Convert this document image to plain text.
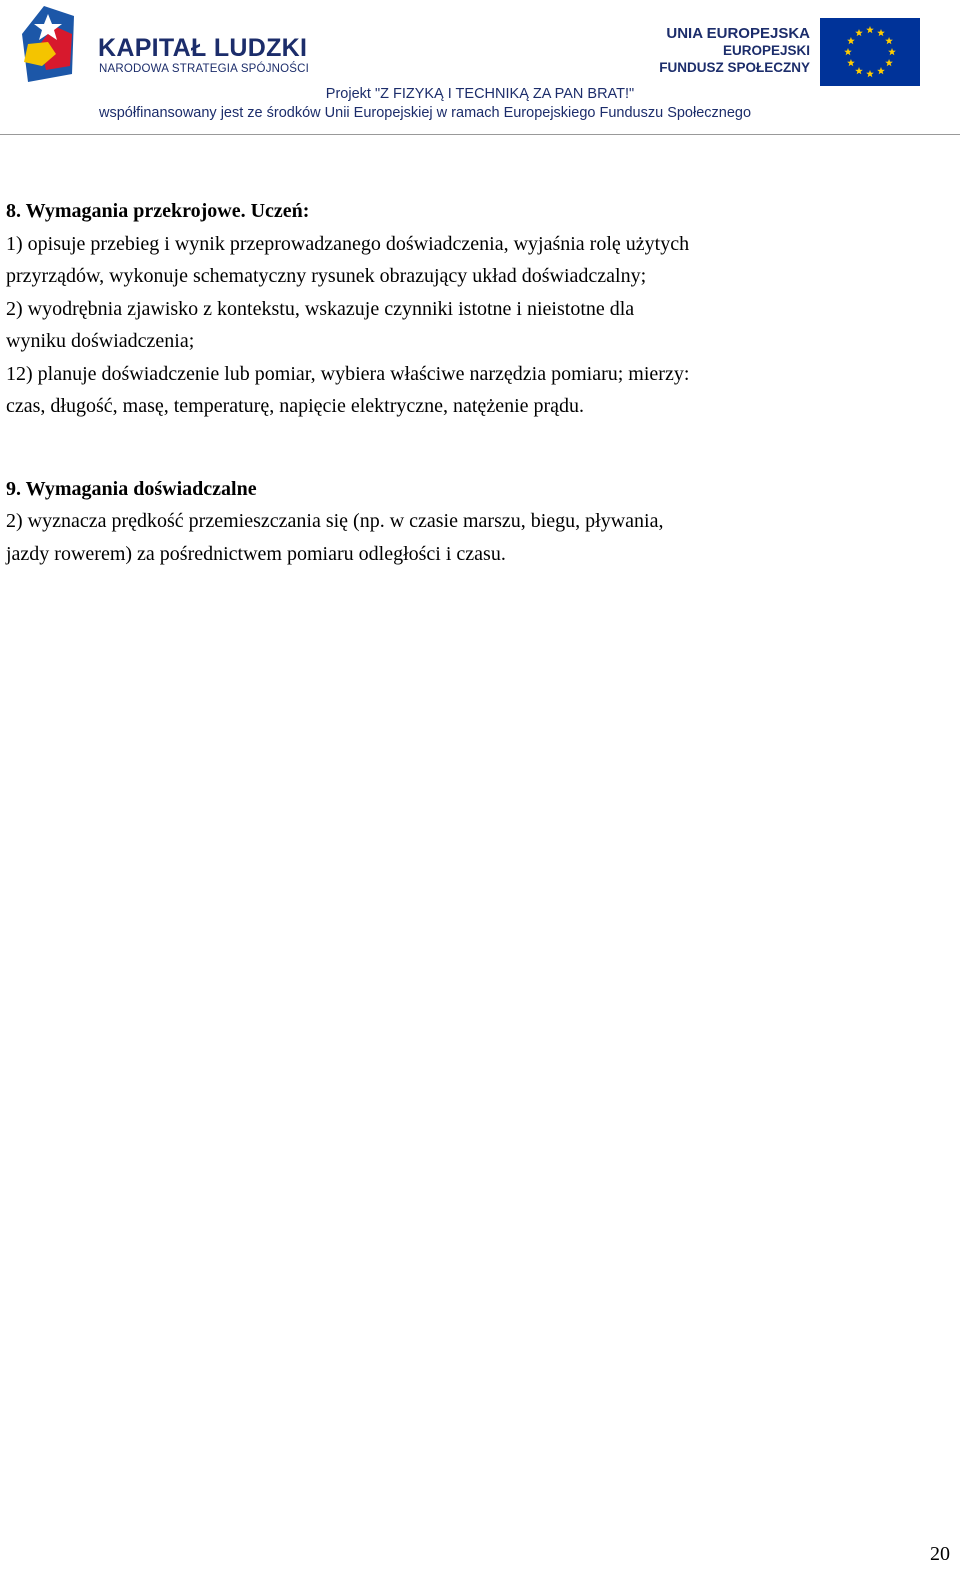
KAPITAŁ LUDZKI
NARODOWA STRATEGIA SPÓJNOŚCI
UNIA EUROPEJSKA
EUROPEJSKI
FUNDUSZ SPOŁECZNY
Projekt "Z FIZYKĄ I TECHNIKĄ ZA PAN BRAT!"
współfinansowany jest ze środków Unii Europejskiej w ramach Europejskiego Funduszu Społecznego

8. Wymagania przekrojowe. Uczeń:

1) opisuje przebieg i wynik przeprowadzanego doświadczenia, wyjaśnia rolę użytych

przyrządów, wykonuje schematyczny rysunek obrazujący układ doświadczalny;

2) wyodrębnia zjawisko z kontekstu, wskazuje czynniki istotne i nieistotne dla

wyniku doświadczenia;

12) planuje doświadczenie lub pomiar, wybiera właściwe narzędzia pomiaru; mierzy:

czas, długość, masę, temperaturę, napięcie elektryczne, natężenie prądu.

9. Wymagania doświadczalne

2) wyznacza prędkość przemieszczania się (np. w czasie marszu, biegu, pływania,

jazdy rowerem) za pośrednictwem pomiaru odległości i czasu.

20
